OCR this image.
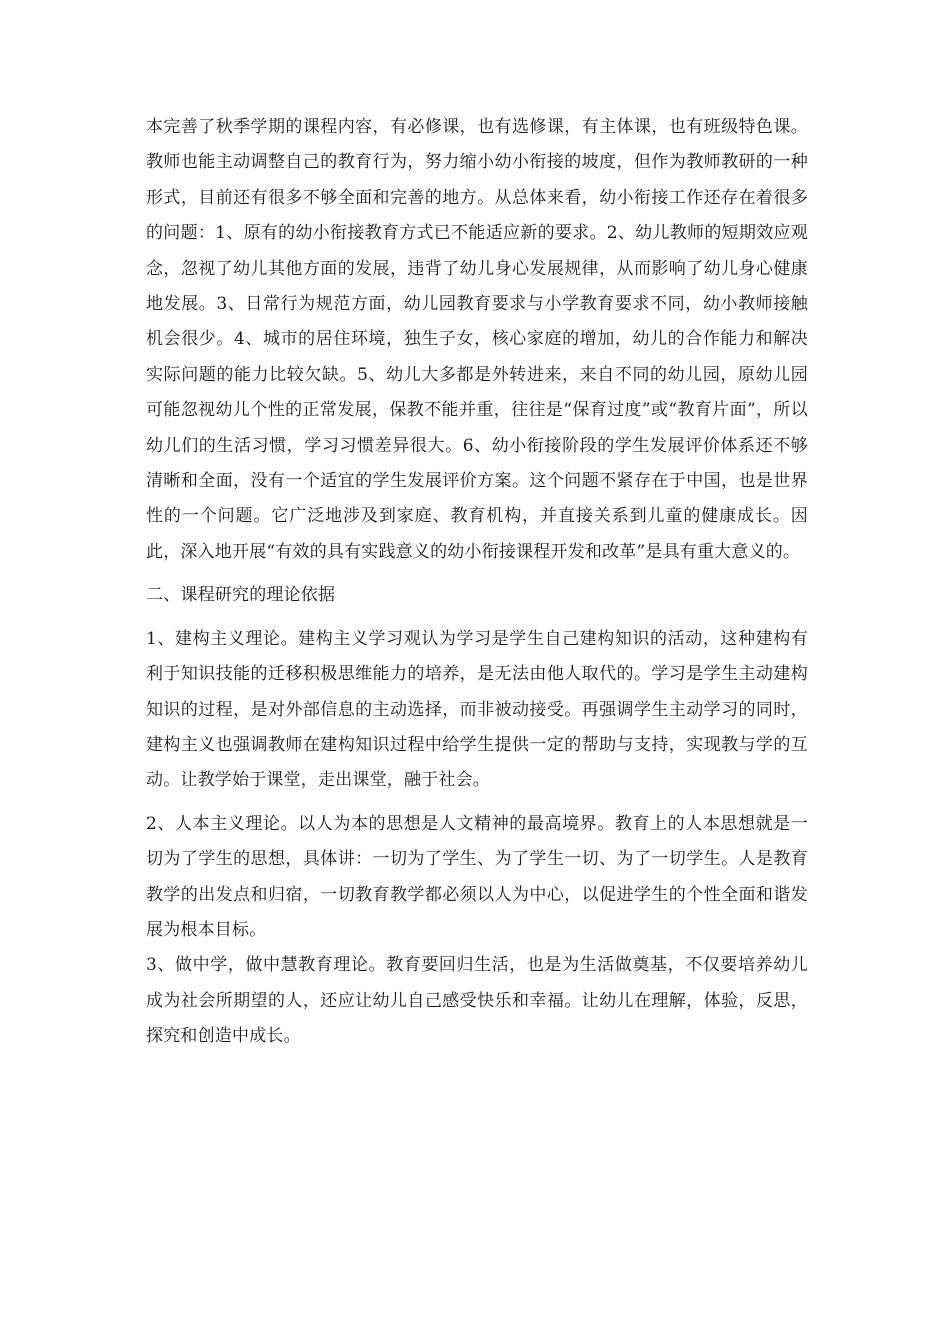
本完善了秋季学期的课程内容，有必修课，也有选修课，有主体课，也有班级特色课。教师也能主动调整自己的教育行为，努力缩小幼小衔接的坡度，但作为教师教研的一种形式，目前还有很多不够全面和完善的地方。从总体来看，幼小衔接工作还存在着很多的问题：1、原有的幼小衔接教育方式已不能适应新的要求。2、幼儿教师的短期效应观念，忽视了幼儿其他方面的发展，违背了幼儿身心发展规律，从而影响了幼儿身心健康地发展。3、日常行为规范方面，幼儿园教育要求与小学教育要求不同，幼小教师接触机会很少。4、城市的居住环境，独生子女，核心家庭的增加，幼儿的合作能力和解决实际问题的能力比较欠缺。5、幼儿大多都是外转进来，来自不同的幼儿园，原幼儿园可能忽视幼儿个性的正常发展，保教不能并重，往往是“保育过度”或“教育片面”，所以幼儿们的生活习惯，学习习惯差异很大。6、幼小衔接阶段的学生发展评价体系还不够清晰和全面，没有一个适宜的学生发展评价方案。这个问题不紧存在于中国，也是世界性的一个问题。它广泛地涉及到家庭、教育机构，并直接关系到儿童的健康成长。因此，深入地开展“有效的具有实践意义的幼小衔接课程开发和改革”是具有重大意义的。

二、课程研究的理论依据

1、建构主义理论。建构主义学习观认为学习是学生自己建构知识的活动，这种建构有利于知识技能的迁移积极思维能力的培养，是无法由他人取代的。学习是学生主动建构知识的过程，是对外部信息的主动选择，而非被动接受。再强调学生主动学习的同时，建构主义也强调教师在建构知识过程中给学生提供一定的帮助与支持，实现教与学的互动。让教学始于课堂，走出课堂，融于社会。

2、人本主义理论。以人为本的思想是人文精神的最高境界。教育上的人本思想就是一切为了学生的思想，具体讲：一切为了学生、为了学生一切、为了一切学生。人是教育教学的出发点和归宿，一切教育教学都必须以人为中心，以促进学生的个性全面和谐发展为根本目标。

3、做中学，做中慧教育理论。教育要回归生活，也是为生活做奠基，不仅要培养幼儿成为社会所期望的人，还应让幼儿自己感受快乐和幸福。让幼儿在理解，体验，反思，探究和创造中成长。
